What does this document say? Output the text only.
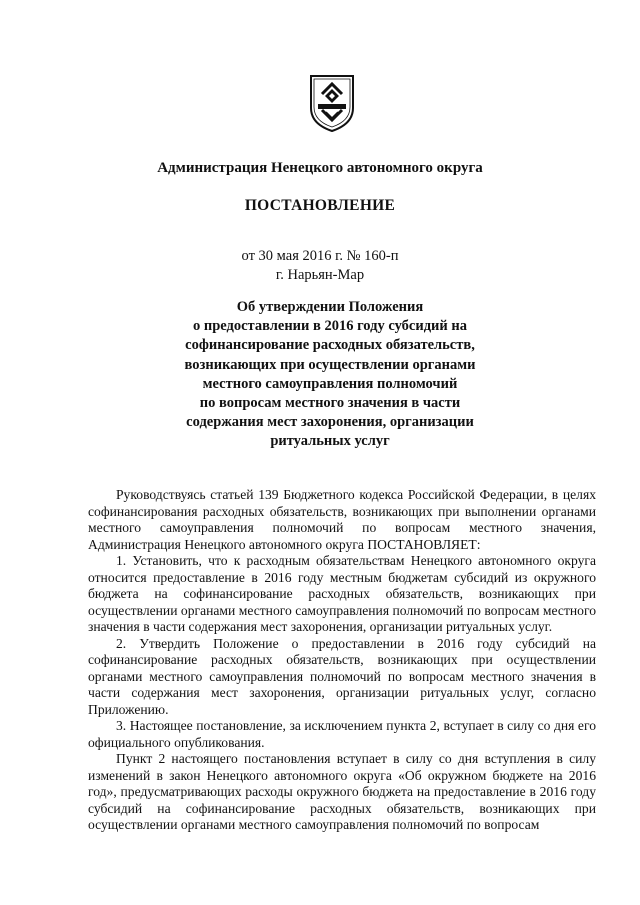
Администрация Ненецкого автономного округа
ПОСТАНОВЛЕНИЕ
от 30 мая 2016 г. № 160-п
г. Нарьян-Мар
Об утверждении Положения
о предоставлении в 2016 году субсидий на
софинансирование расходных обязательств,
возникающих при осуществлении органами
местного самоуправления полномочий
по вопросам местного значения в части
содержания мест захоронения, организации
ритуальных услуг

Руководствуясь статьей 139 Бюджетного кодекса Российской Федерации, в целях софинансирования расходных обязательств, возникающих при выполнении органами местного самоуправления полномочий по вопросам местного значения, Администрация Ненецкого автономного округа ПОСТАНОВЛЯЕТ:

1. Установить, что к расходным обязательствам Ненецкого автономного округа относится предоставление в 2016 году местным бюджетам субсидий из окружного бюджета на софинансирование расходных обязательств, возникающих при осуществлении органами местного самоуправления полномочий по вопросам местного значения в части содержания мест захоронения, организации ритуальных услуг.

2. Утвердить Положение о предоставлении в 2016 году субсидий на софинансирование расходных обязательств, возникающих при осуществлении органами местного самоуправления полномочий по вопросам местного значения в части содержания мест захоронения, организации ритуальных услуг, согласно Приложению.

3. Настоящее постановление, за исключением пункта 2, вступает в силу со дня его официального опубликования.

Пункт 2 настоящего постановления вступает в силу со дня вступления в силу изменений в закон Ненецкого автономного округа «Об окружном бюджете на 2016 год», предусматривающих расходы окружного бюджета на предоставление в 2016 году субсидий на софинансирование расходных обязательств, возникающих при осуществлении органами местного самоуправления полномочий по вопросам
